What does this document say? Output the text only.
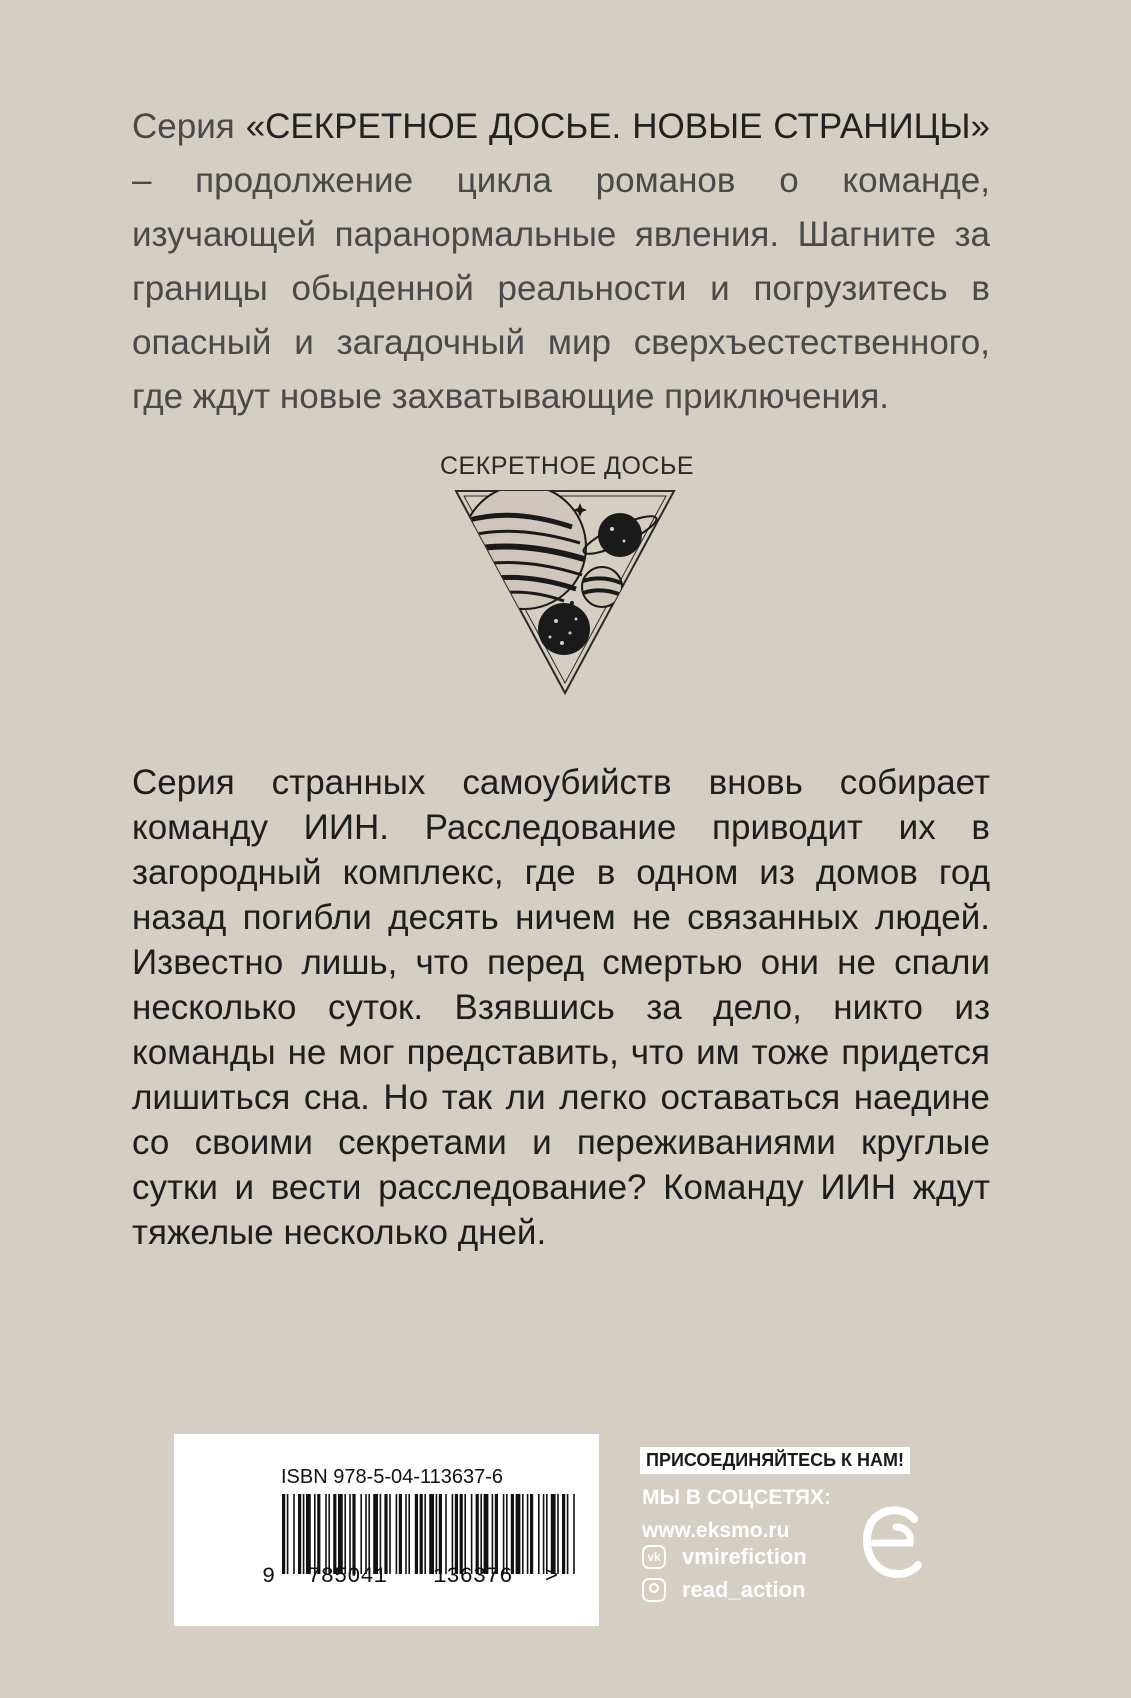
Серия «СЕКРЕТНОЕ ДОСЬЕ. НОВЫЕ СТРАНИЦЫ» – продолжение цикла романов о команде, изучающей паранормальные явления. Шагните за границы обыденной реальности и погрузитесь в опасный и загадочный мир сверхъестественного, где ждут новые захватывающие приключения.
СЕКРЕТНОЕ ДОСЬЕ

Серия странных самоубийств вновь собирает команду ИИН. Расследование приводит их в загородный комплекс, где в одном из домов год назад погибли десять ничем не связанных людей. Известно лишь, что перед смертью они не спали несколько суток. Взявшись за дело, никто из команды не мог представить, что им тоже придется лишиться сна. Но так ли легко оставаться наедине со своими секретами и переживаниями круглые сутки и вести расследование? Команду ИИН ждут тяжелые несколько дней.

ISBN 978-5-04-113637-6
9 785041 136376 >
ПРИСОЕДИНЯЙТЕСЬ К НАМ!
МЫ В СОЦСЕТЯХ:
www.eksmo.ru
vk vmirefiction
read_action
